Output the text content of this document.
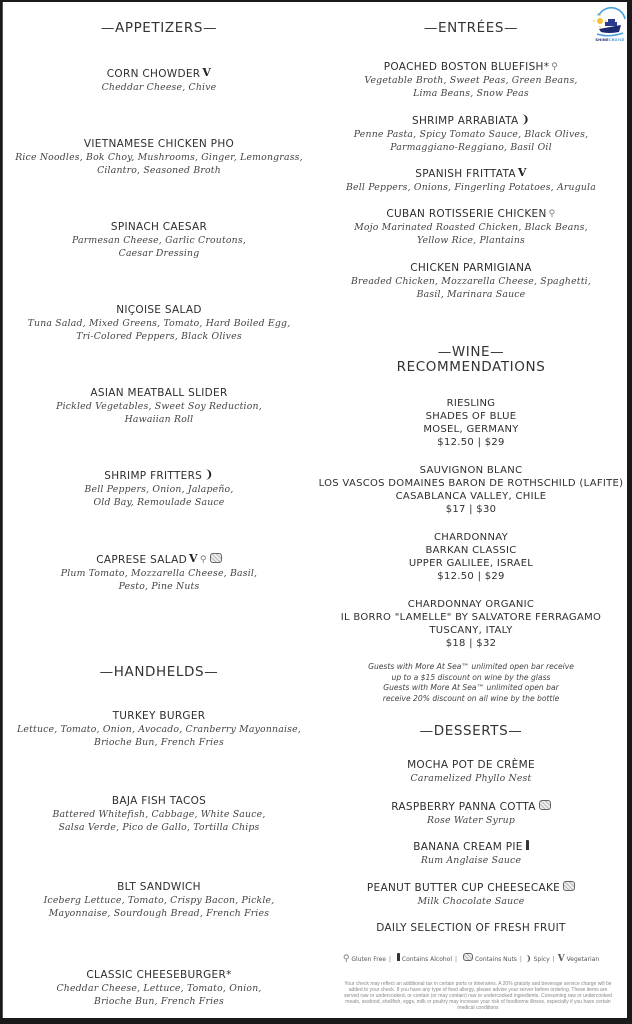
—APPETIZERS—
CORN CHOWDER V
Cheddar Cheese, Chive
VIETNAMESE CHICKEN PHO
Rice Noodles, Bok Choy, Mushrooms, Ginger, Lemongrass,
Cilantro, Seasoned Broth
SPINACH CAESAR
Parmesan Cheese, Garlic Croutons,
Caesar Dressing
NIÇOISE SALAD
Tuna Salad, Mixed Greens, Tomato, Hard Boiled Egg,
Tri-Colored Peppers, Black Olives
ASIAN MEATBALL SLIDER
Pickled Vegetables, Sweet Soy Reduction,
Hawaiian Roll
SHRIMP FRITTERS ❩
Bell Peppers, Onion, Jalapeño,
Old Bay, Remoulade Sauce
CAPRESE SALAD V ⚲
Plum Tomato, Mozzarella Cheese, Basil,
Pesto, Pine Nuts
—HANDHELDS—
TURKEY BURGER
Lettuce, Tomato, Onion, Avocado, Cranberry Mayonnaise,
Brioche Bun, French Fries
BAJA FISH TACOS
Battered Whitefish, Cabbage, White Sauce,
Salsa Verde, Pico de Gallo, Tortilla Chips
BLT SANDWICH
Iceberg Lettuce, Tomato, Crispy Bacon, Pickle,
Mayonnaise, Sourdough Bread, French Fries
CLASSIC CHEESEBURGER*
Cheddar Cheese, Lettuce, Tomato, Onion,
Brioche Bun, French Fries
—ENTRÉES—
POACHED BOSTON BLUEFISH* ⚲
Vegetable Broth, Sweet Peas, Green Beans,
Lima Beans, Snow Peas
SHRIMP ARRABIATA ❩
Penne Pasta, Spicy Tomato Sauce, Black Olives,
Parmaggiano-Reggiano, Basil Oil
SPANISH FRITTATA V
Bell Peppers, Onions, Fingerling Potatoes, Arugula
CUBAN ROTISSERIE CHICKEN ⚲
Mojo Marinated Roasted Chicken, Black Beans,
Yellow Rice, Plantains
CHICKEN PARMIGIANA
Breaded Chicken, Mozzarella Cheese, Spaghetti,
Basil, Marinara Sauce
—WINE—
RECOMMENDATIONS
RIESLING
SHADES OF BLUE
MOSEL, GERMANY
$12.50 | $29
SAUVIGNON BLANC
LOS VASCOS DOMAINES BARON DE ROTHSCHILD (LAFITE)
CASABLANCA VALLEY, CHILE
$17 | $30
CHARDONNAY
BARKAN CLASSIC
UPPER GALILEE, ISRAEL
$12.50 | $29
CHARDONNAY ORGANIC
IL BORRO "LAMELLE" BY SALVATORE FERRAGAMO
TUSCANY, ITALY
$18 | $32
Guests with More At Sea™ unlimited open bar receive
up to a $15 discount on wine by the glass
Guests with More At Sea™ unlimited open bar
receive 20% discount on all wine by the bottle
—DESSERTS—
MOCHA POT DE CRÈME
Caramelized Phyllo Nest
RASPBERRY PANNA COTTA
Rose Water Syrup
BANANA CREAM PIE
Rum Anglaise Sauce
PEANUT BUTTER CUP CHEESECAKE
Milk Chocolate Sauce
DAILY SELECTION OF FRESH FRUIT
⚲ Gluten Free | Contains Alcohol |	Contains Nuts | ❩ Spicy | V Vegetarian
Your check may reflect an additional tax in certain ports or itineraries. A 20% gratuity and beverage service charge will be added to your check. If you have any type of food allergy, please advise your server before ordering. These items are served raw or undercooked, or contain (or may contain) raw or undercooked ingredients. Consuming raw or undercooked meats, seafood, shellfish, eggs, milk or poultry may increase your risk of foodborne illness, especially if you have certain medical conditions
SHINECRUISE
